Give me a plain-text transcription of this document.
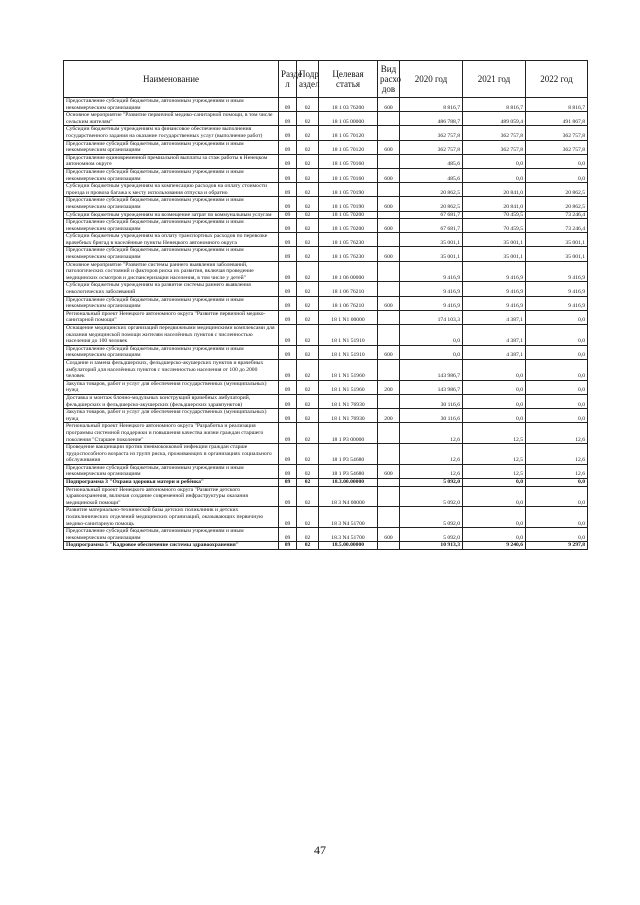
Наименование	Разде л	Подр аздел	Целевая статья	Вид расхо дов	2020 год	2021 год	2022 год
Предоставление субсидий бюджетным, автономным учреждениям и иным некоммерческим организациям	09	02	18 1 03 76200	600	8 816,7	8 816,7	8 816,7
Основное мероприятие "Развитие первичной медико-санитарной помощи, в том числе сельским жителям"	09	02	18 1 05 00000		486 788,7	489 059,4	491 867,8
Субсидии бюджетным учреждениям на финансовое обеспечение выполнения государственного задания на оказание государственных услуг (выполнение работ)	09	02	18 1 05 70120		362 757,8	362 757,8	362 757,8
Предоставление субсидий бюджетным, автономным учреждениям и иным некоммерческим организациям	09	02	18 1 05 70120	600	362 757,8	362 757,8	362 757,8
Предоставление единовременной премиальной выплаты за стаж работы в Ненецком автономном округе	09	02	18 1 05 70160		485,6	0,0	0,0
Предоставление субсидий бюджетным, автономным учреждениям и иным некоммерческим организациям	09	02	18 1 05 70160	600	485,6	0,0	0,0
Субсидии бюджетным учреждениям на компенсацию расходов на оплату стоимости проезда и провоза багажа к месту использования отпуска и обратно	09	02	18 1 05 70190		20 862,5	20 841,0	20 862,5
Предоставление субсидий бюджетным, автономным учреждениям и иным некоммерческим организациям	09	02	18 1 05 70190	600	20 862,5	20 841,0	20 862,5
Субсидии бюджетным учреждениям на возмещение затрат по коммунальным услугам	09	02	18 1 05 70200		67 681,7	70 459,5	73 246,4
Предоставление субсидий бюджетным, автономным учреждениям и иным некоммерческим организациям	09	02	18 1 05 70200	600	67 681,7	70 459,5	73 246,4
Субсидии бюджетным учреждениям на оплату транспортных расходов по перевозке врачебных бригад в населённые пункты Ненецкого автономного округа	09	02	18 1 05 76230		35 001,1	35 001,1	35 001,1
Предоставление субсидий бюджетным, автономным учреждениям и иным некоммерческим организациям	09	02	18 1 05 76230	600	35 001,1	35 001,1	35 001,1
Основное мероприятие "Развитие системы раннего выявления заболеваний, патологических состояний и факторов риска их развития, включая проведение медицинских осмотров и диспансеризации населения, в том числе у детей"	09	02	18 1 06 00000		9 416,9	9 416,9	9 416,9
Субсидии бюджетным учреждениям на развитие системы раннего выявления онкологических заболеваний	09	02	18 1 06 76210		9 416,9	9 416,9	9 416,9
Предоставление субсидий бюджетным, автономным учреждениям и иным некоммерческим организациям	09	02	18 1 06 76210	600	9 416,9	9 416,9	9 416,9
Региональный проект Ненецкого автономного округа "Развитие первичной медико-санитарной помощи"	09	02	18 1 N1 00000		174 103,3	4 387,1	0,0
Оснащение медицинских организаций передвижными медицинскими комплексами для оказания медицинской помощи жителям населённых пунктов с численностью населения до 100 человек	09	02	18 1 N1 51910		0,0	4 387,1	0,0
Предоставление субсидий бюджетным, автономным учреждениям и иным некоммерческим организациям	09	02	18 1 N1 51910	600	0,0	4 387,1	0,0
Создание и замена фельдшерских, фельдшерско-акушерских пунктов и врачебных амбулаторий для населённых пунктов с численностью населения от 100 до 2000 человек	09	02	18 1 N1 51960		143 986,7	0,0	0,0
Закупка товаров, работ и услуг для обеспечения государственных (муниципальных) нужд	09	02	18 1 N1 51960	200	143 986,7	0,0	0,0
Доставка и монтаж блочно-модульных конструкций врачебных амбулаторий, фельдшерских и фельдшерско-акушерских (фельдшерских здравпунктов)	09	02	18 1 N1 76930		30 116,6	0,0	0,0
Закупка товаров, работ и услуг для обеспечения государственных (муниципальных) нужд	09	02	18 1 N1 76930	200	30 116,6	0,0	0,0
Региональный проект Ненецкого автономного округа "Разработка и реализация программы системной поддержки и повышения качества жизни граждан старшего поколения "Старшее поколение"	09	02	18 1 P3 00000		12,6	12,5	12,6
Проведение вакцинации против пневмококковой инфекции граждан старше трудоспособного возраста из групп риска, проживающих в организациях социального обслуживания	09	02	18 1 P3 54680		12,6	12,5	12,6
Предоставление субсидий бюджетным, автономным учреждениям и иным некоммерческим организациям	09	02	18 1 P3 54680	600	12,6	12,5	12,6
Подпрограмма 3 "Охрана здоровья матери и ребёнка"	09	02	18.3.00.00000		5 092,0	0,0	0,0
Региональный проект Ненецкого автономного округа "Развитие детского здравоохранения, включая создание современной инфраструктуры оказания медицинской помощи"	09	02	18 3 N4 00000		5 092,0	0,0	0,0
Развитие материально-технической базы детских поликлиник и детских поликлинических отделений медицинских организаций, оказывающих первичную медико-санитарную помощь	09	02	18 3 N4 51700		5 092,0	0,0	0,0
Предоставление субсидий бюджетным, автономным учреждениям и иным некоммерческим организациям	09	02	18.3 N4 51700	600	5 092,0	0,0	0,0
Подпрограмма 5 "Кадровое обеспечение системы здравоохранения"	09	02	18.5.00.00000		10 913,3	9 240,6	9 297,8
47
